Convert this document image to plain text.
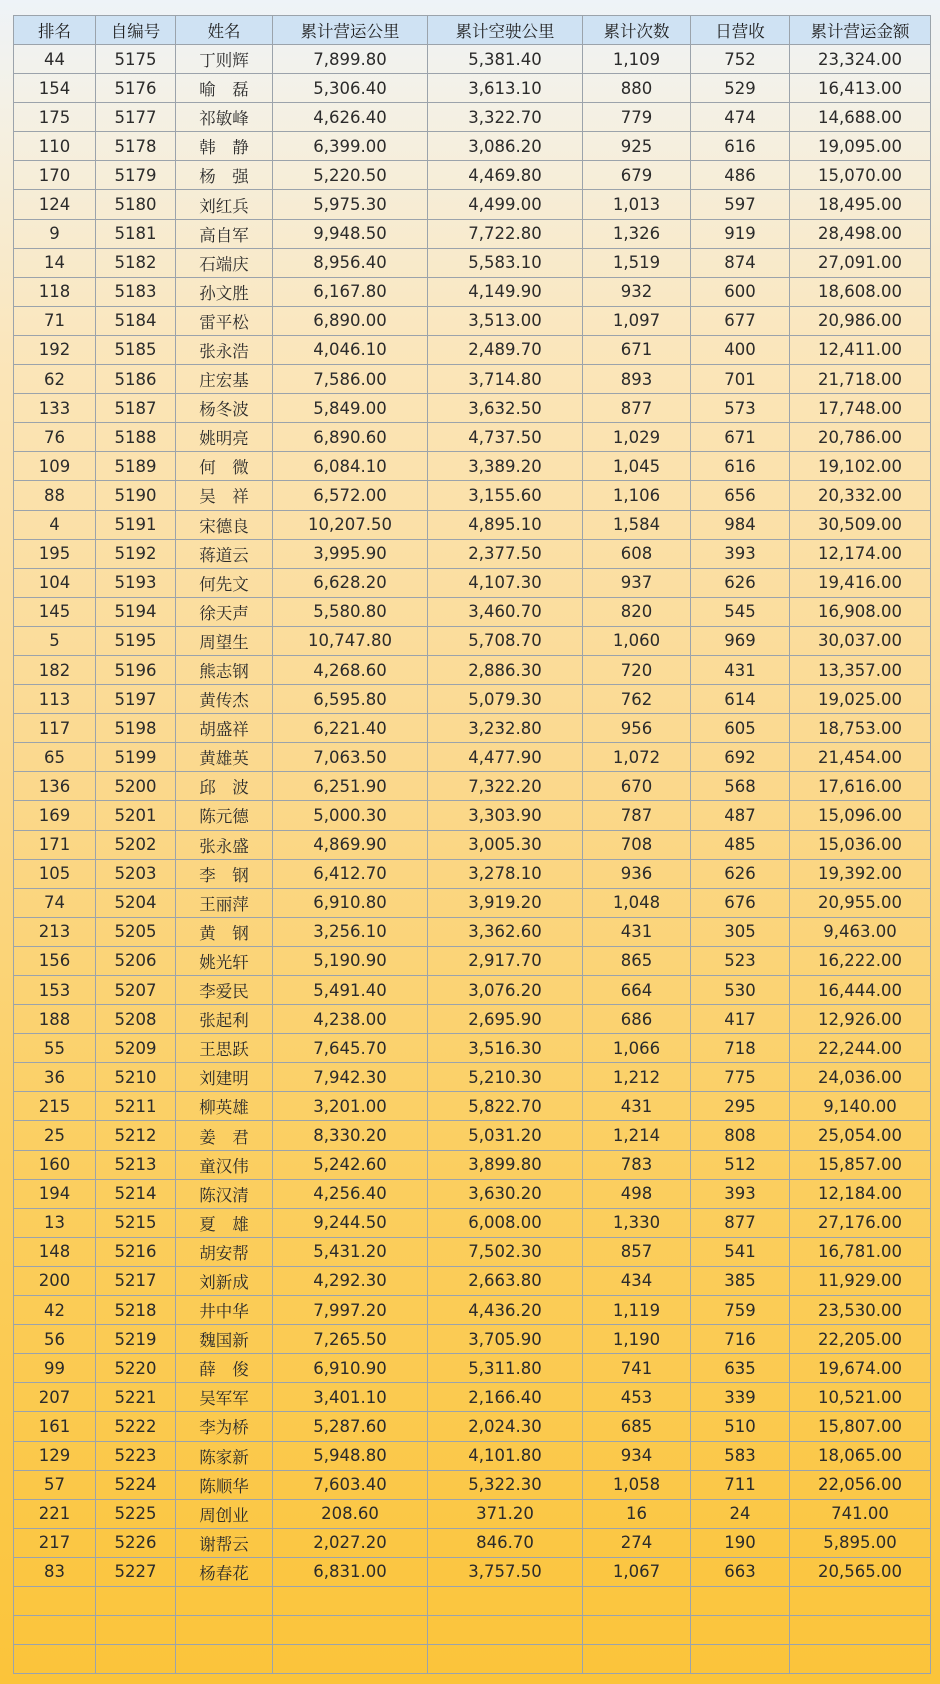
排名	自编号	姓名	累计营运公里	累计空驶公里	累计次数	日营收	累计营运金额
44	5175	丁则辉	7,899.80	5,381.40	1,109	752	23,324.00
154	5176	喻　磊	5,306.40	3,613.10	880	529	16,413.00
175	5177	祁敏峰	4,626.40	3,322.70	779	474	14,688.00
110	5178	韩　静	6,399.00	3,086.20	925	616	19,095.00
170	5179	杨　强	5,220.50	4,469.80	679	486	15,070.00
124	5180	刘红兵	5,975.30	4,499.00	1,013	597	18,495.00
9	5181	高自军	9,948.50	7,722.80	1,326	919	28,498.00
14	5182	石端庆	8,956.40	5,583.10	1,519	874	27,091.00
118	5183	孙文胜	6,167.80	4,149.90	932	600	18,608.00
71	5184	雷平松	6,890.00	3,513.00	1,097	677	20,986.00
192	5185	张永浩	4,046.10	2,489.70	671	400	12,411.00
62	5186	庄宏基	7,586.00	3,714.80	893	701	21,718.00
133	5187	杨冬波	5,849.00	3,632.50	877	573	17,748.00
76	5188	姚明亮	6,890.60	4,737.50	1,029	671	20,786.00
109	5189	何　微	6,084.10	3,389.20	1,045	616	19,102.00
88	5190	吴　祥	6,572.00	3,155.60	1,106	656	20,332.00
4	5191	宋德良	10,207.50	4,895.10	1,584	984	30,509.00
195	5192	蒋道云	3,995.90	2,377.50	608	393	12,174.00
104	5193	何先文	6,628.20	4,107.30	937	626	19,416.00
145	5194	徐天声	5,580.80	3,460.70	820	545	16,908.00
5	5195	周望生	10,747.80	5,708.70	1,060	969	30,037.00
182	5196	熊志钢	4,268.60	2,886.30	720	431	13,357.00
113	5197	黄传杰	6,595.80	5,079.30	762	614	19,025.00
117	5198	胡盛祥	6,221.40	3,232.80	956	605	18,753.00
65	5199	黄雄英	7,063.50	4,477.90	1,072	692	21,454.00
136	5200	邱　波	6,251.90	7,322.20	670	568	17,616.00
169	5201	陈元德	5,000.30	3,303.90	787	487	15,096.00
171	5202	张永盛	4,869.90	3,005.30	708	485	15,036.00
105	5203	李　钢	6,412.70	3,278.10	936	626	19,392.00
74	5204	王丽萍	6,910.80	3,919.20	1,048	676	20,955.00
213	5205	黄　钢	3,256.10	3,362.60	431	305	9,463.00
156	5206	姚光轩	5,190.90	2,917.70	865	523	16,222.00
153	5207	李爱民	5,491.40	3,076.20	664	530	16,444.00
188	5208	张起利	4,238.00	2,695.90	686	417	12,926.00
55	5209	王思跃	7,645.70	3,516.30	1,066	718	22,244.00
36	5210	刘建明	7,942.30	5,210.30	1,212	775	24,036.00
215	5211	柳英雄	3,201.00	5,822.70	431	295	9,140.00
25	5212	姜　君	8,330.20	5,031.20	1,214	808	25,054.00
160	5213	童汉伟	5,242.60	3,899.80	783	512	15,857.00
194	5214	陈汉清	4,256.40	3,630.20	498	393	12,184.00
13	5215	夏　雄	9,244.50	6,008.00	1,330	877	27,176.00
148	5216	胡安帮	5,431.20	7,502.30	857	541	16,781.00
200	5217	刘新成	4,292.30	2,663.80	434	385	11,929.00
42	5218	井中华	7,997.20	4,436.20	1,119	759	23,530.00
56	5219	魏国新	7,265.50	3,705.90	1,190	716	22,205.00
99	5220	薛　俊	6,910.90	5,311.80	741	635	19,674.00
207	5221	吴军军	3,401.10	2,166.40	453	339	10,521.00
161	5222	李为桥	5,287.60	2,024.30	685	510	15,807.00
129	5223	陈家新	5,948.80	4,101.80	934	583	18,065.00
57	5224	陈顺华	7,603.40	5,322.30	1,058	711	22,056.00
221	5225	周创业	208.60	371.20	16	24	741.00
217	5226	谢帮云	2,027.20	846.70	274	190	5,895.00
83	5227	杨春花	6,831.00	3,757.50	1,067	663	20,565.00
